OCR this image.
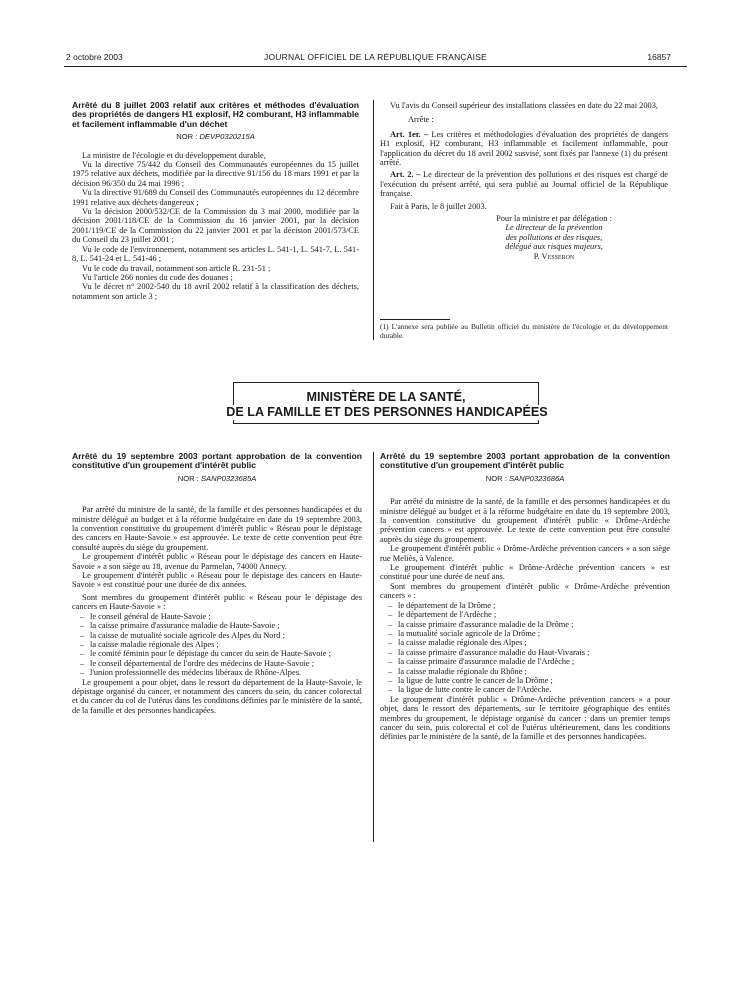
2 octobre 2003	JOURNAL OFFICIEL DE LA RÉPUBLIQUE FRANÇAISE	16857

Arrêté du 8 juillet 2003 relatif aux critères et méthodes d'évaluation des propriétés de dangers H1 explosif, H2 comburant, H3 inflammable et facilement inflammable d'un déchet

NOR : DEVP0320215A

La ministre de l'écologie et du développement durable,

Vu la directive 75/442 du Conseil des Communautés européennes du 15 juillet 1975 relative aux déchets, modifiée par la directive 91/156 du 18 mars 1991 et par la décision 96/350 du 24 mai 1996 ;

Vu la directive 91/689 du Conseil des Communautés européennes du 12 décembre 1991 relative aux déchets dangereux ;

Vu la décision 2000/532/CE de la Commission du 3 mai 2000, modifiée par la décision 2001/118/CE de la Commission du 16 janvier 2001, par la décision 2001/119/CE de la Commission du 22 janvier 2001 et par la décision 2001/573/CE du Conseil du 23 juillet 2001 ;

Vu le code de l'environnement, notamment ses articles L. 541-1, L. 541-7, L. 541-8, L. 541-24 et L. 541-46 ;

Vu le code du travail, notamment son article R. 231-51 ;

Vu l'article 266 nonies du code des douanes ;

Vu le décret n° 2002-540 du 18 avril 2002 relatif à la classification des déchets, notamment son article 3 ;

Vu l'avis du Conseil supérieur des installations classées en date du 22 mai 2003,

Arrête :

Art. 1er. – Les critères et méthodologies d'évaluation des propriétés de dangers H1 explosif, H2 comburant, H3 inflammable et facilement inflammable, pour l'application du décret du 18 avril 2002 susvisé, sont fixés par l'annexe (1) du présent arrêté.

Art. 2. – Le directeur de la prévention des pollutions et des risques est chargé de l'exécution du présent arrêté, qui sera publié au Journal officiel de la République française.

Fait à Paris, le 8 juillet 2003.

Pour la ministre et par délégation :
Le directeur de la prévention
des pollutions et des risques,
délégué aux risques majeurs,
P. Vesseron
(1) L'annexe sera publiée au Bulletin officiel du ministère de l'écologie et du développement durable.
MINISTÈRE DE LA SANTÉ,
DE LA FAMILLE ET DES PERSONNES HANDICAPÉES

Arrêté du 19 septembre 2003 portant approbation de la convention constitutive d'un groupement d'intérêt public

NOR : SANP0323685A

Par arrêté du ministre de la santé, de la famille et des personnes handicapées et du ministre délégué au budget et à la réforme budgétaire en date du 19 septembre 2003, la convention constitutive du groupement d'intérêt public « Réseau pour le dépistage des cancers en Haute-Savoie » est approuvée. Le texte de cette convention peut être consulté auprès du siège du groupement.

Le groupement d'intérêt public « Réseau pour le dépistage des cancers en Haute-Savoie » a son siège au 18, avenue du Parmelan, 74000 Annecy.

Le groupement d'intérêt public « Réseau pour le dépistage des cancers en Haute-Savoie » est constitué pour une durée de dix années.

Sont membres du groupement d'intérêt public « Réseau pour le dépistage des cancers en Haute-Savoie » :

– le conseil général de Haute-Savoie ;

– la caisse primaire d'assurance maladie de Haute-Savoie ;

– la caisse de mutualité sociale agricole des Alpes du Nord ;

– la caisse maladie régionale des Alpes ;

– le comité féminin pour le dépistage du cancer du sein de Haute-Savoie ;

– le conseil départemental de l'ordre des médecins de Haute-Savoie ;

– l'union professionnelle des médecins libéraux de Rhône-Alpes.

Le groupement a pour objet, dans le ressort du département de la Haute-Savoie, le dépistage organisé du cancer, et notamment des cancers du sein, du cancer colorectal et du cancer du col de l'utérus dans les conditions définies par le ministère de la santé, de la famille et des personnes handicapées.

Arrêté du 19 septembre 2003 portant approbation de la convention constitutive d'un groupement d'intérêt public

NOR : SANP0323686A

Par arrêté du ministre de la santé, de la famille et des personnes handicapées et du ministre délégué au budget et à la réforme budgétaire en date du 19 septembre 2003, la convention constitutive du groupement d'intérêt public « Drôme-Ardèche prévention cancers » est approuvée. Le texte de cette convention peut être consulté auprès du siège du groupement.

Le groupement d'intérêt public « Drôme-Ardèche prévention cancers » a son siège rue Meliès, à Valence.

Le groupement d'intérêt public « Drôme-Ardèche prévention cancers » est constitué pour une durée de neuf ans.

Sont membres du groupement d'intérêt public « Drôme-Ardèche prévention cancers » :

– le département de la Drôme ;

– le département de l'Ardèche ;

– la caisse primaire d'assurance maladie de la Drôme ;

– la mutualité sociale agricole de la Drôme ;

– la caisse maladie régionale des Alpes ;

– la caisse primaire d'assurance maladie du Haut-Vivarais ;

– la caisse primaire d'assurance maladie de l'Ardèche ;

– la caisse maladie régionale du Rhône ;

– la ligue de lutte contre le cancer de la Drôme ;

– la ligue de lutte contre le cancer de l'Ardèche.

Le groupement d'intérêt public « Drôme-Ardèche prévention cancers » a pour objet, dans le ressort des départements, sur le territoire géographique des entités membres du groupement, le dépistage organisé du cancer : dans un premier temps cancer du sein, puis colorectal et col de l'utérus ultérieurement, dans les conditions définies par le ministère de la santé, de la famille et des personnes handicapées.
